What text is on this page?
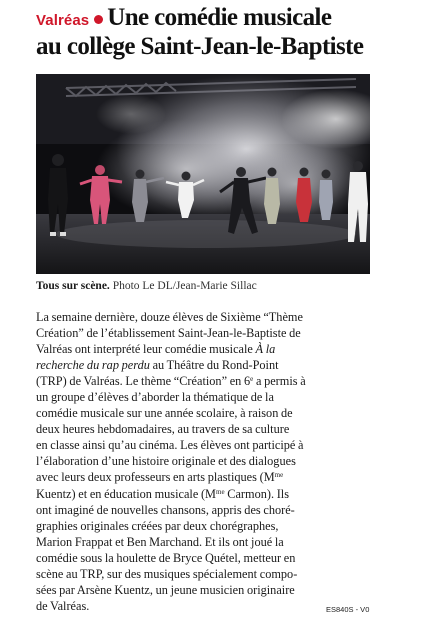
Valréas Une comédie musicale
au collège Saint-Jean-le-Baptiste
Tous sur scène. Photo Le DL/Jean-Marie Sillac
La semaine dernière, douze élèves de Sixième “Thème
Création” de l’établissement Saint-Jean-le-Baptiste de
Valréas ont interprété leur comédie musicale À la
recherche du rap perdu au Théâtre du Rond-Point
(TRP) de Valréas. Le thème “Création” en 6e a permis à
un groupe d’élèves d’aborder la thématique de la
comédie musicale sur une année scolaire, à raison de
deux heures hebdomadaires, au travers de sa culture
en classe ainsi qu’au cinéma. Les élèves ont participé à
l’élaboration d’une histoire originale et des dialogues
avec leurs deux professeurs en arts plastiques ($M^{me}$
Kuentz) et en éducation musicale ($M^{me}$ Carmon). Ils
ont imaginé de nouvelles chansons, appris des choré-
graphies originales créées par deux chorégraphes,
Marion Frappat et Ben Marchand. Et ils ont joué la
comédie sous la houlette de Bryce Quétel, metteur en
scène au TRP, sur des musiques spécialement compo-
sées par Arsène Kuentz, un jeune musicien originaire
de Valréas.	ES840S - V0
